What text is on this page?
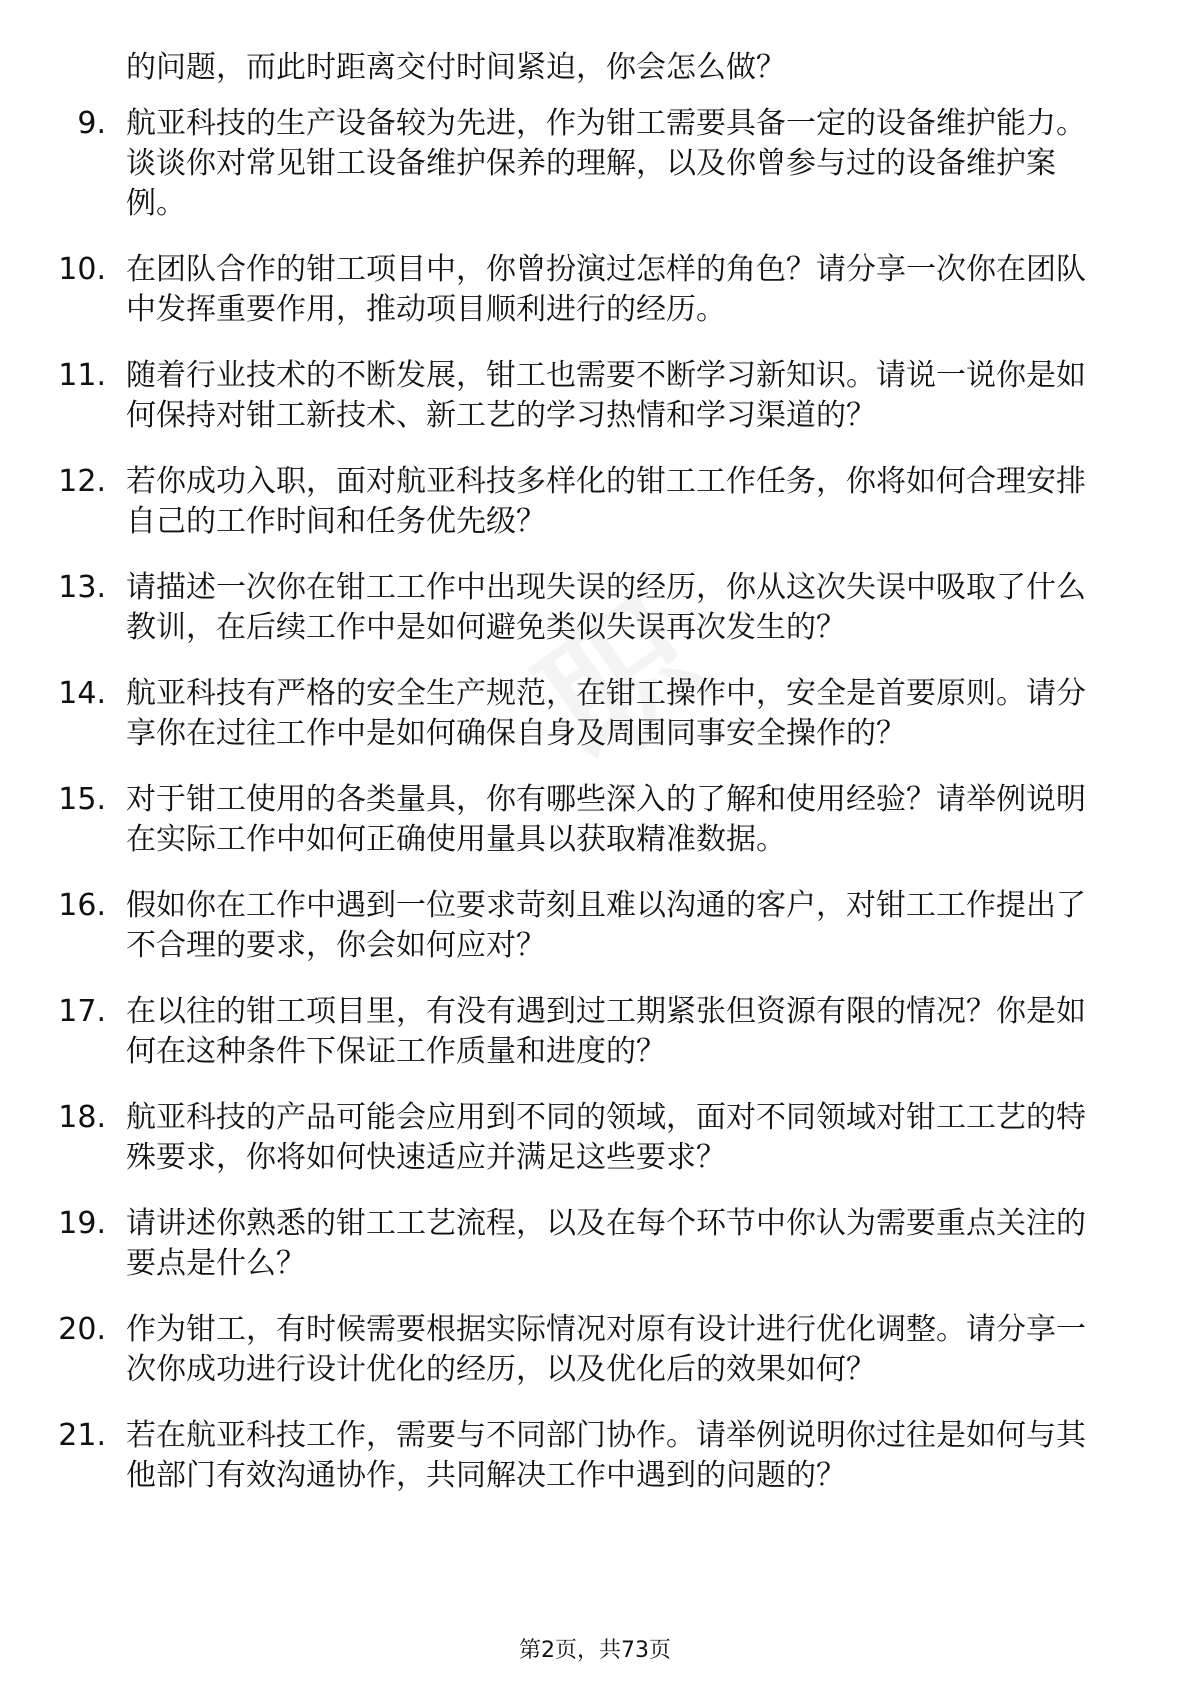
的问题，而此时距离交付时间紧迫，你会怎么做？
9. 航亚科技的生产设备较为先进，作为钳工需要具备一定的设备维护能力。谈谈你对常见钳工设备维护保养的理解，以及你曾参与过的设备维护案例。
10. 在团队合作的钳工项目中，你曾扮演过怎样的角色？请分享一次你在团队中发挥重要作用，推动项目顺利进行的经历。
11. 随着行业技术的不断发展，钳工也需要不断学习新知识。请说一说你是如何保持对钳工新技术、新工艺的学习热情和学习渠道的？
12. 若你成功入职，面对航亚科技多样化的钳工工作任务，你将如何合理安排自己的工作时间和任务优先级？
13. 请描述一次你在钳工工作中出现失误的经历，你从这次失误中吸取了什么教训，在后续工作中是如何避免类似失误再次发生的？
14. 航亚科技有严格的安全生产规范，在钳工操作中，安全是首要原则。请分享你在过往工作中是如何确保自身及周围同事安全操作的？
15. 对于钳工使用的各类量具，你有哪些深入的了解和使用经验？请举例说明在实际工作中如何正确使用量具以获取精准数据。
16. 假如你在工作中遇到一位要求苛刻且难以沟通的客户，对钳工工作提出了不合理的要求，你会如何应对？
17. 在以往的钳工项目里，有没有遇到过工期紧张但资源有限的情况？你是如何在这种条件下保证工作质量和进度的？
18. 航亚科技的产品可能会应用到不同的领域，面对不同领域对钳工工艺的特殊要求，你将如何快速适应并满足这些要求？
19. 请讲述你熟悉的钳工工艺流程，以及在每个环节中你认为需要重点关注的要点是什么？
20. 作为钳工，有时候需要根据实际情况对原有设计进行优化调整。请分享一次你成功进行设计优化的经历，以及优化后的效果如何？
21. 若在航亚科技工作，需要与不同部门协作。请举例说明你过往是如何与其他部门有效沟通协作，共同解决工作中遇到的问题的？
第2页，共73页
